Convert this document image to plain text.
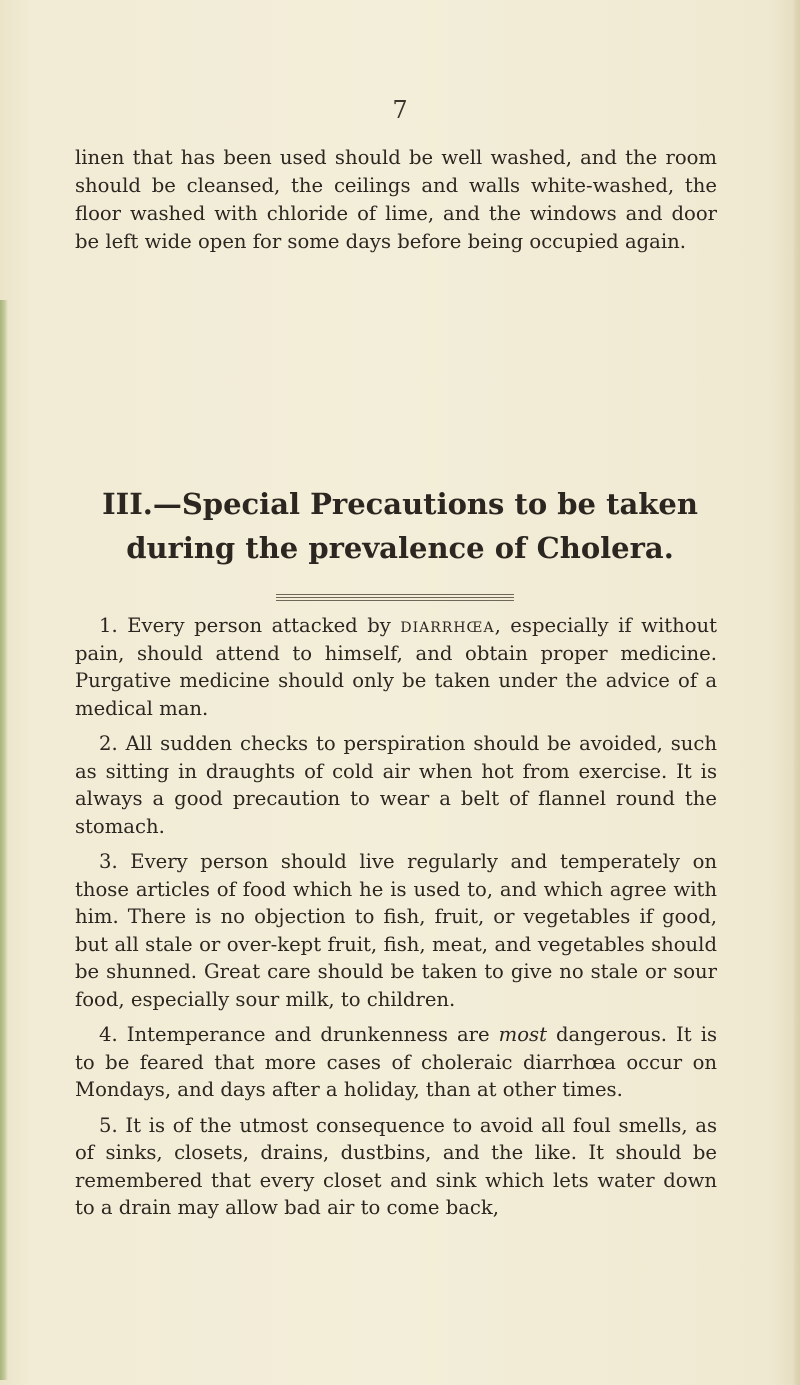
7

linen that has been used should be well washed, and the room should be cleansed, the ceilings and walls white-washed, the floor washed with chloride of lime, and the windows and door be left wide open for some days before being occupied again.

III.—Special Precautions to be taken
during the prevalence of Cholera.

1. Every person attacked by diarrhœa, especially if without pain, should attend to himself, and obtain proper medicine. Purgative medicine should only be taken under the advice of a medical man.

2. All sudden checks to perspiration should be avoided, such as sitting in draughts of cold air when hot from exercise. It is always a good precaution to wear a belt of flannel round the stomach.

3. Every person should live regularly and temperately on those articles of food which he is used to, and which agree with him. There is no objection to fish, fruit, or vegetables if good, but all stale or over-kept fruit, fish, meat, and vegetables should be shunned. Great care should be taken to give no stale or sour food, especially sour milk, to children.

4. Intemperance and drunkenness are most dangerous. It is to be feared that more cases of choleraic diarrhœa occur on Mondays, and days after a holiday, than at other times.

5. It is of the utmost consequence to avoid all foul smells, as of sinks, closets, drains, dustbins, and the like. It should be remembered that every closet and sink which lets water down to a drain may allow bad air to come back,
